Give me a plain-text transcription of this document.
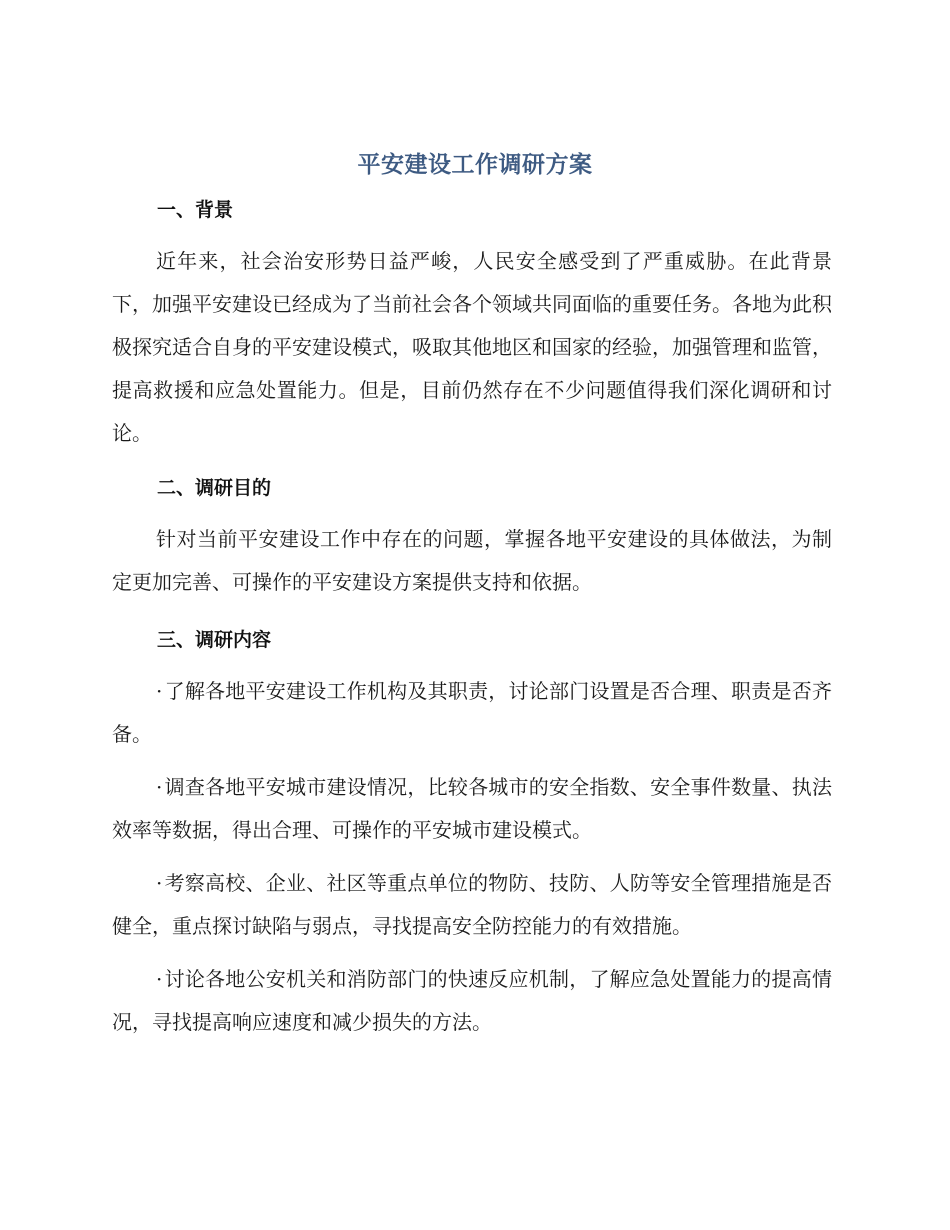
平安建设工作调研方案
一、背景
近年来，社会治安形势日益严峻，人民安全感受到了严重威胁。在此背景下，加强平安建设已经成为了当前社会各个领域共同面临的重要任务。各地为此积极探究适合自身的平安建设模式，吸取其他地区和国家的经验，加强管理和监管，提高救援和应急处置能力。但是，目前仍然存在不少问题值得我们深化调研和讨论。
二、调研目的
针对当前平安建设工作中存在的问题，掌握各地平安建设的具体做法，为制定更加完善、可操作的平安建设方案提供支持和依据。
三、调研内容
· 了解各地平安建设工作机构及其职责，讨论部门设置是否合理、职责是否齐备。
· 调查各地平安城市建设情况，比较各城市的安全指数、安全事件数量、执法效率等数据，得出合理、可操作的平安城市建设模式。
· 考察高校、企业、社区等重点单位的物防、技防、人防等安全管理措施是否健全，重点探讨缺陷与弱点，寻找提高安全防控能力的有效措施。
· 讨论各地公安机关和消防部门的快速反应机制，了解应急处置能力的提高情况，寻找提高响应速度和减少损失的方法。
